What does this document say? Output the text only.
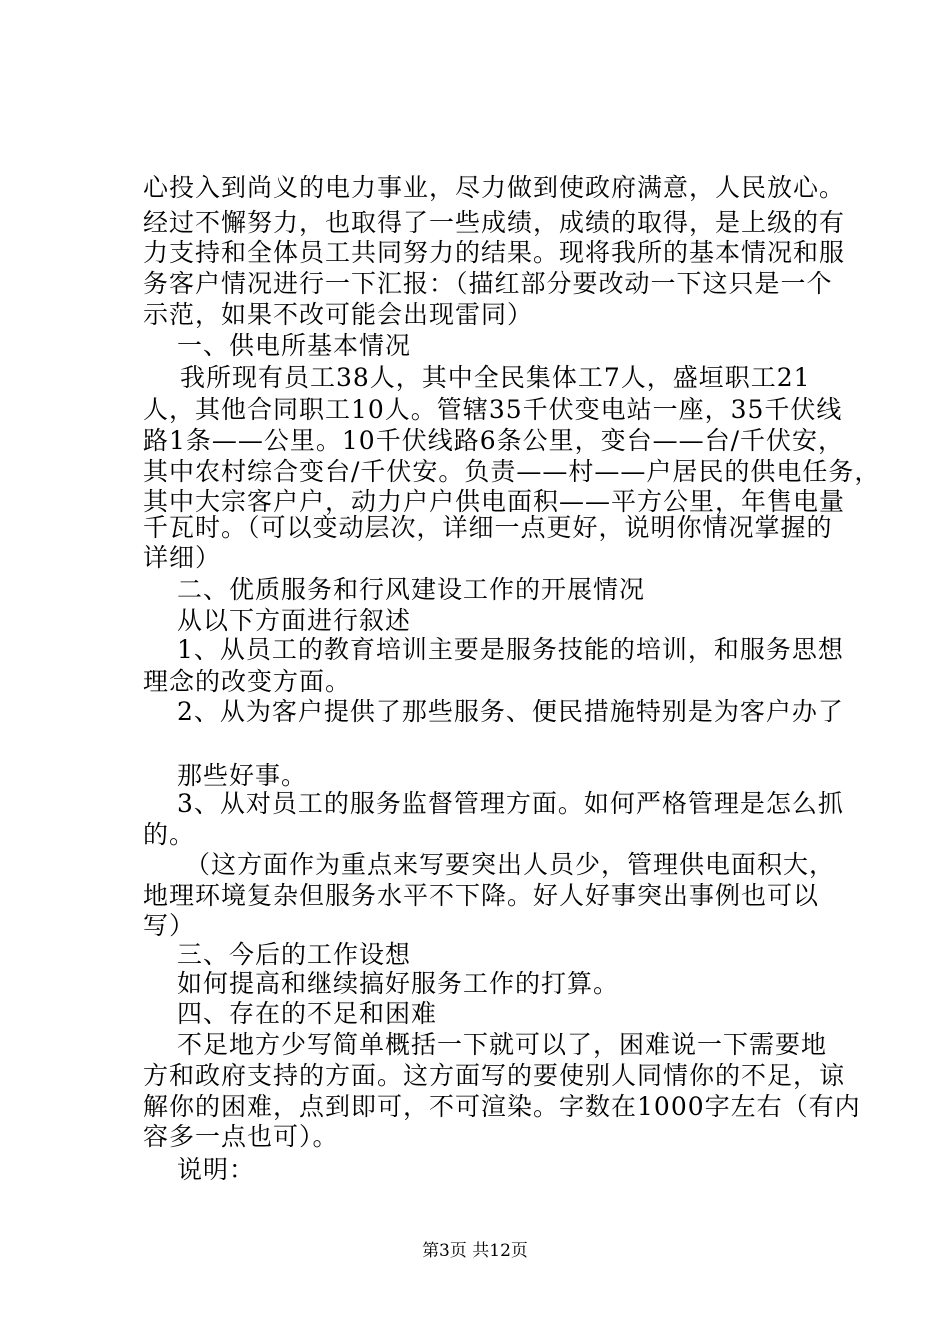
心投入到尚义的电力事业，尽力做到使政府满意，人民放心。
经过不懈努力，也取得了一些成绩，成绩的取得，是上级的有
力支持和全体员工共同努力的结果。现将我所的基本情况和服
务客户情况进行一下汇报：（描红部分要改动一下这只是一个
示范，如果不改可能会出现雷同）
一、供电所基本情况
我所现有员工38人，其中全民集体工7人，盛垣职工21
人，其他合同职工10人。管辖35千伏变电站一座，35千伏线
路1条——公里。10千伏线路6条公里，变台——台/千伏安，
其中农村综合变台/千伏安。负责——村——户居民的供电任务，
其中大宗客户户，动力户户供电面积——平方公里，年售电量
千瓦时。（可以变动层次，详细一点更好，说明你情况掌握的
详细）
二、优质服务和行风建设工作的开展情况
从以下方面进行叙述
1、从员工的教育培训主要是服务技能的培训，和服务思想
理念的改变方面。
2、从为客户提供了那些服务、便民措施特别是为客户办了
那些好事。
3、从对员工的服务监督管理方面。如何严格管理是怎么抓
的。
（这方面作为重点来写要突出人员少，管理供电面积大，
地理环境复杂但服务水平不下降。好人好事突出事例也可以
写）
三、今后的工作设想
如何提高和继续搞好服务工作的打算。
四、存在的不足和困难
不足地方少写简单概括一下就可以了，困难说一下需要地
方和政府支持的方面。这方面写的要使别人同情你的不足，谅
解你的困难，点到即可，不可渲染。字数在1000字左右（有内
容多一点也可）。
说明：
第3页 共12页
